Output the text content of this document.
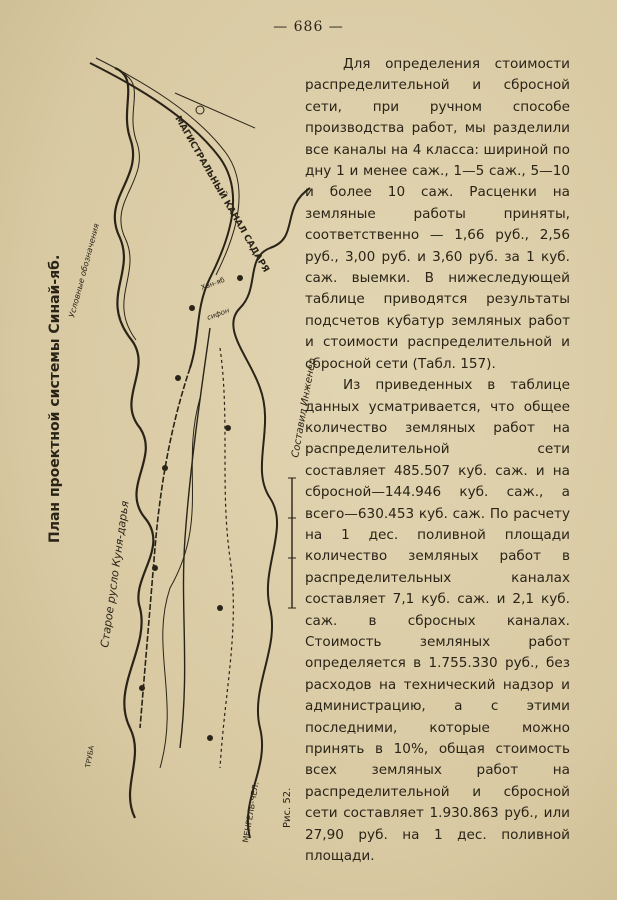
— 686 —
План проектной системы Синай-яб. Условные обозначения	МАГИСТРАЛЬНЫЙ КАНАЛ САДАРЯ
Старое русло Куня-дарья
Хан-яб
сифон
ТРУБА
МЕНГЕЛЬ-ЧЕЛ.
Составил Инженер
Рис. 52.

Для определения стоимости распределительной и сбросной сети, при ручном способе производства работ, мы разделили все каналы на 4 класса: шириной по дну 1 и менее саж., 1—5 саж., 5—10 и более 10 саж. Расценки на земляные работы приняты, соответственно — 1,66 руб., 2,56 руб., 3,00 руб. и 3,60 руб. за 1 куб. саж. выемки. В нижеследующей таблице приводятся результаты подсчетов кубатур земляных работ и стоимости распределительной и сбросной сети (Табл. 157).

Из приведенных в таблице данных усматривается, что общее количество земляных работ на распределительной сети составляет 485.507 куб. саж. и на сбросной—144.946 куб. саж., а всего—630.453 куб. саж. По расчету на 1 дес. поливной площади количество земляных работ в распределительных каналах составляет 7,1 куб. саж. и 2,1 куб. саж. в сбросных каналах. Стоимость земляных работ определяется в 1.755.330 руб., без расходов на технический надзор и администрацию, а с этими последними, которые можно принять в 10%, общая стоимость всех земляных работ на распределительной и сбросной сети составляет 1.930.863 руб., или 27,90 руб. на 1 дес. поливной площади.
